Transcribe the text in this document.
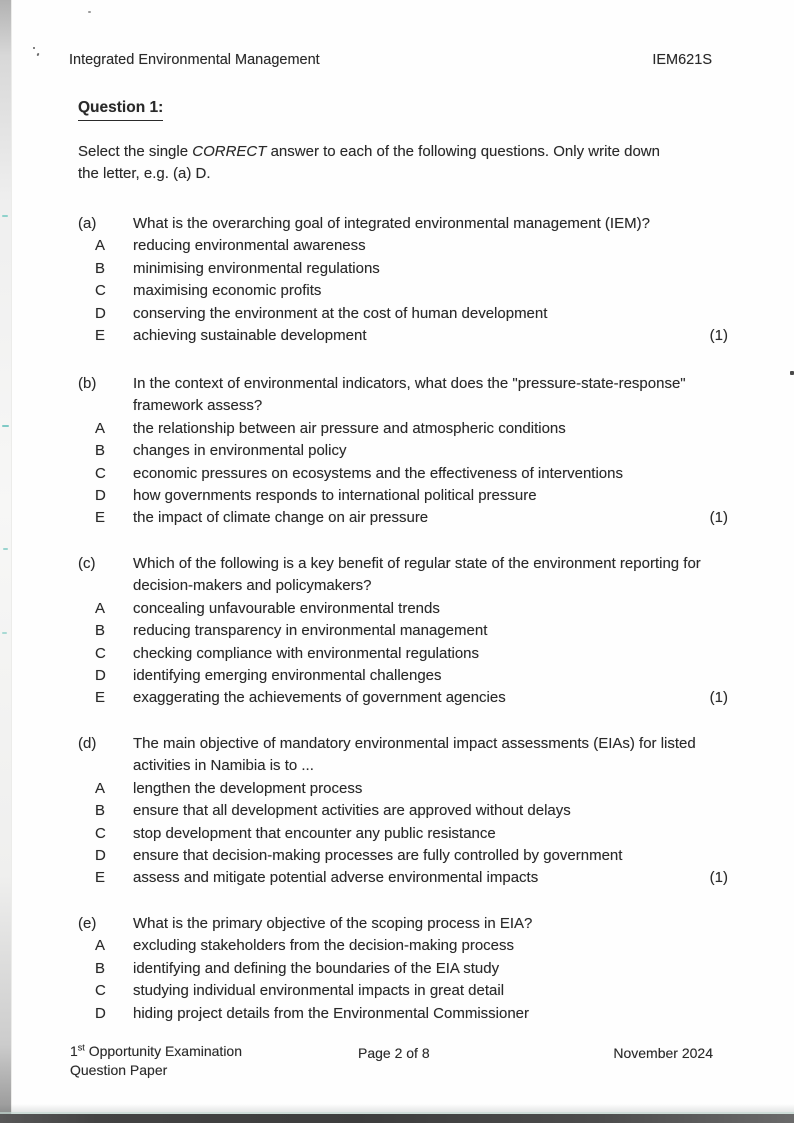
Integrated Environmental Management	IEM621S
Question 1:
Select the single CORRECT answer to each of the following questions. Only write down the letter, e.g. (a) D.
(a) What is the overarching goal of integrated environmental management (IEM)?
A reducing environmental awareness
B minimising environmental regulations
C maximising economic profits
D conserving the environment at the cost of human development
E achieving sustainable development	(1)
(b) In the context of environmental indicators, what does the "pressure-state-response" framework assess?
A the relationship between air pressure and atmospheric conditions
B changes in environmental policy
C economic pressures on ecosystems and the effectiveness of interventions
D how governments responds to international political pressure
E the impact of climate change on air pressure	(1)
(c)	Which of the following is a key benefit of regular state of the environment reporting for decision-makers and policymakers?
A concealing unfavourable environmental trends
B reducing transparency in environmental management
C checking compliance with environmental regulations
D identifying emerging environmental challenges
E exaggerating the achievements of government agencies	(1)
(d) The main objective of mandatory environmental impact assessments (EIAs) for listed activities in Namibia is to ...
A lengthen the development process
B ensure that all development activities are approved without delays
C stop development that encounter any public resistance
D ensure that decision-making processes are fully controlled by government
E assess and mitigate potential adverse environmental impacts	(1)
(e) What is the primary objective of the scoping process in EIA?
A excluding stakeholders from the decision-making process
B identifying and defining the boundaries of the EIA study
C studying individual environmental impacts in great detail
D hiding project details from the Environmental Commissioner
1st Opportunity Examination
Question Paper
Page 2 of 8	November 2024
